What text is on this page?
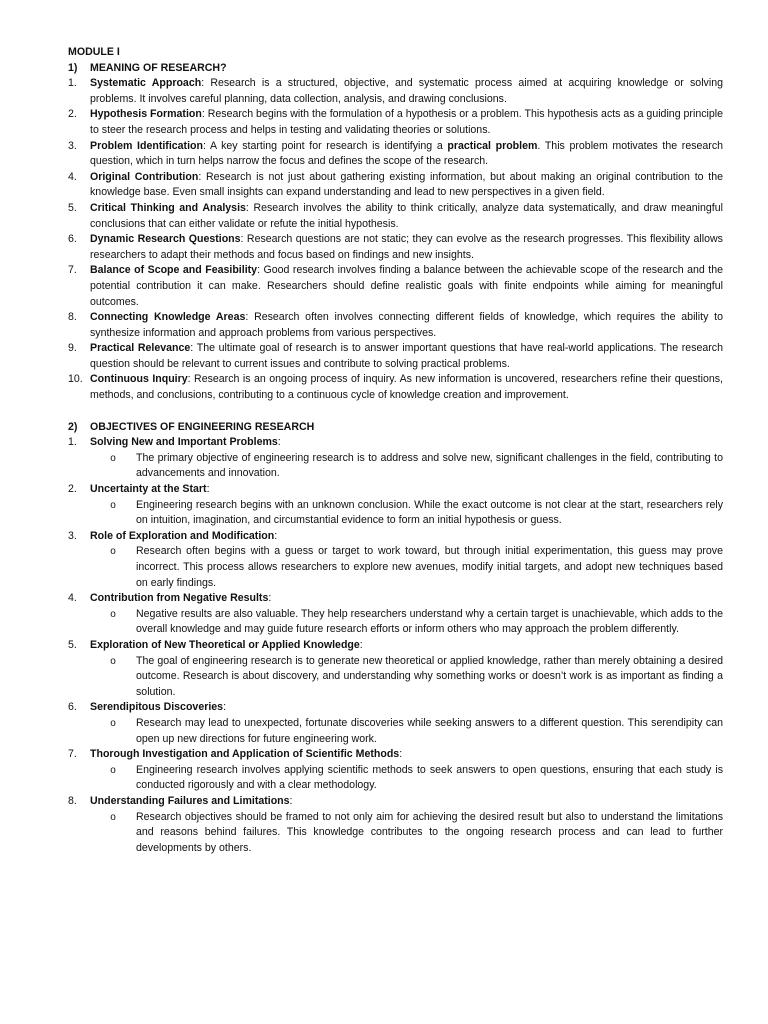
MODULE I

1)	MEANING OF RESEARCH?
1.	Systematic Approach: Research is a structured, objective, and systematic process aimed at acquiring knowledge or solving problems. It involves careful planning, data collection, analysis, and drawing conclusions.
2.	Hypothesis Formation: Research begins with the formulation of a hypothesis or a problem. This hypothesis acts as a guiding principle to steer the research process and helps in testing and validating theories or solutions.
3.	Problem Identification: A key starting point for research is identifying a practical problem. This problem motivates the research question, which in turn helps narrow the focus and defines the scope of the research.
4.	Original Contribution: Research is not just about gathering existing information, but about making an original contribution to the knowledge base. Even small insights can expand understanding and lead to new perspectives in a given field.
5.	Critical Thinking and Analysis: Research involves the ability to think critically, analyze data systematically, and draw meaningful conclusions that can either validate or refute the initial hypothesis.
6.	Dynamic Research Questions: Research questions are not static; they can evolve as the research progresses. This flexibility allows researchers to adapt their methods and focus based on findings and new insights.
7.	Balance of Scope and Feasibility: Good research involves finding a balance between the achievable scope of the research and the potential contribution it can make. Researchers should define realistic goals with finite endpoints while aiming for meaningful outcomes.
8.	Connecting Knowledge Areas: Research often involves connecting different fields of knowledge, which requires the ability to synthesize information and approach problems from various perspectives.
9.	Practical Relevance: The ultimate goal of research is to answer important questions that have real-world applications. The research question should be relevant to current issues and contribute to solving practical problems.
10. Continuous Inquiry: Research is an ongoing process of inquiry. As new information is uncovered, researchers refine their questions, methods, and conclusions, contributing to a continuous cycle of knowledge creation and improvement.
2)	OBJECTIVES OF ENGINEERING RESEARCH
1.	Solving New and Important Problems:
o	The primary objective of engineering research is to address and solve new, significant challenges in the field, contributing to advancements and innovation.
2.	Uncertainty at the Start:
o	Engineering research begins with an unknown conclusion. While the exact outcome is not clear at the start, researchers rely on intuition, imagination, and circumstantial evidence to form an initial hypothesis or guess.
3.	Role of Exploration and Modification:
o	Research often begins with a guess or target to work toward, but through initial experimentation, this guess may prove incorrect. This process allows researchers to explore new avenues, modify initial targets, and adopt new techniques based on early findings.
4.	Contribution from Negative Results:
o	Negative results are also valuable. They help researchers understand why a certain target is unachievable, which adds to the overall knowledge and may guide future research efforts or inform others who may approach the problem differently.
5.	Exploration of New Theoretical or Applied Knowledge:
o	The goal of engineering research is to generate new theoretical or applied knowledge, rather than merely obtaining a desired outcome. Research is about discovery, and understanding why something works or doesn’t work is as important as finding a solution.
6.	Serendipitous Discoveries:
o	Research may lead to unexpected, fortunate discoveries while seeking answers to a different question. This serendipity can open up new directions for future engineering work.
7.	Thorough Investigation and Application of Scientific Methods:
o	Engineering research involves applying scientific methods to seek answers to open questions, ensuring that each study is conducted rigorously and with a clear methodology.
8.	Understanding Failures and Limitations:
o	Research objectives should be framed to not only aim for achieving the desired result but also to understand the limitations and reasons behind failures. This knowledge contributes to the ongoing research process and can lead to further developments by others.
